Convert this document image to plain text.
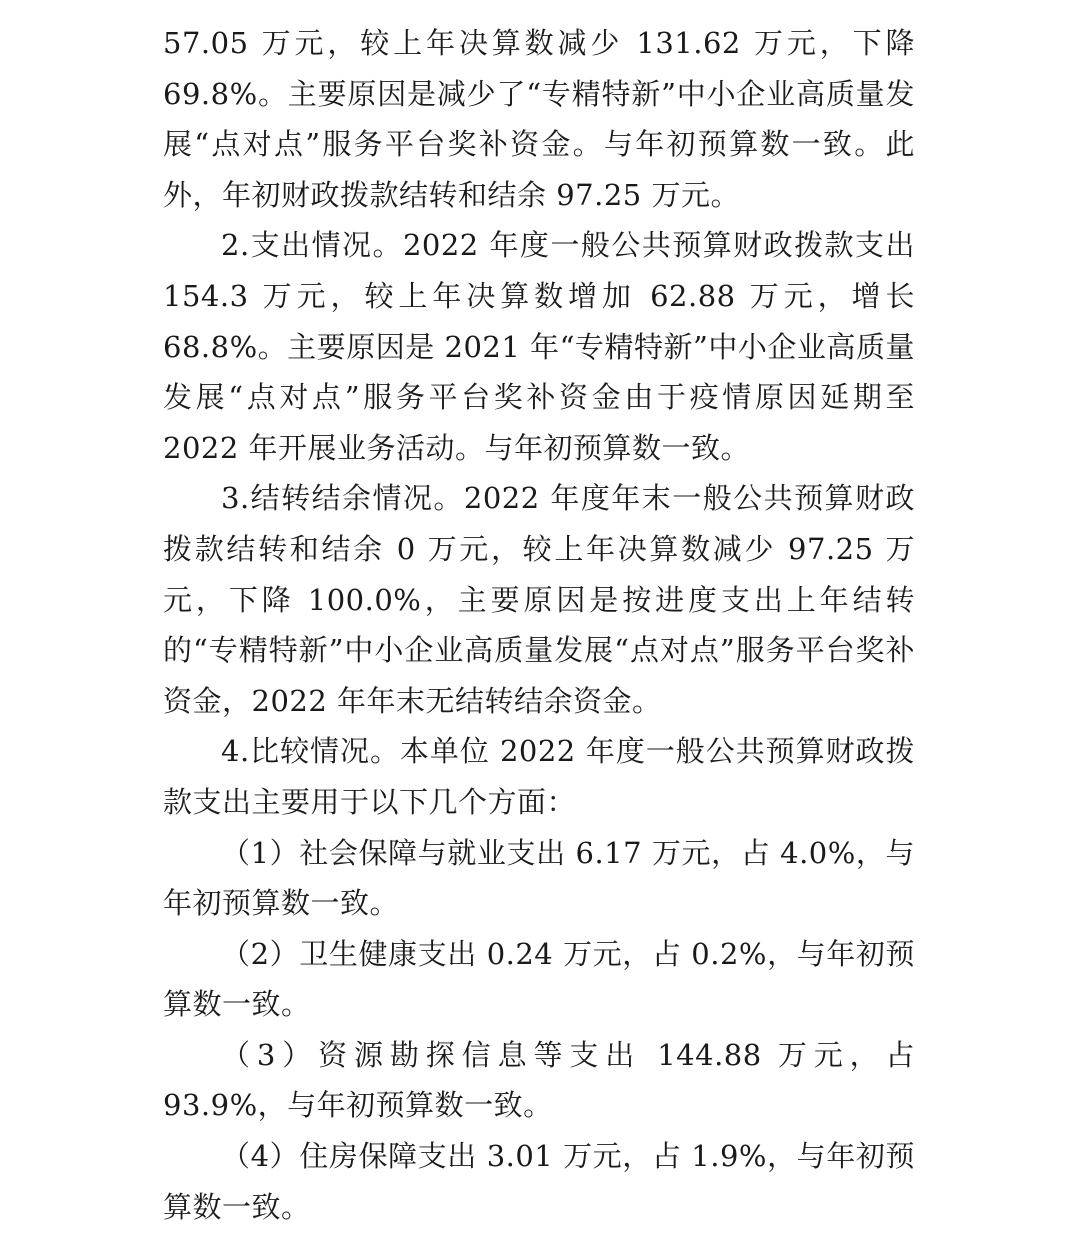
57.05 万元，较上年决算数减少 131.62 万元，下降 69.8%。主要原因是减少了“专精特新”中小企业高质量发展“点对点”服务平台奖补资金。与年初预算数一致。此外，年初财政拨款结转和结余 97.25 万元。

2.支出情况。2022 年度一般公共预算财政拨款支出 154.3 万元，较上年决算数增加 62.88 万元，增长 68.8%。主要原因是 2021 年“专精特新”中小企业高质量发展“点对点”服务平台奖补资金由于疫情原因延期至 2022 年开展业务活动。与年初预算数一致。

3.结转结余情况。2022 年度年末一般公共预算财政拨款结转和结余 0 万元，较上年决算数减少 97.25 万元，下降 100.0%，主要原因是按进度支出上年结转的“专精特新”中小企业高质量发展“点对点”服务平台奖补资金，2022 年年末无结转结余资金。

4.比较情况。本单位 2022 年度一般公共预算财政拨款支出主要用于以下几个方面：

（1）社会保障与就业支出 6.17 万元，占 4.0%，与年初预算数一致。

（2）卫生健康支出 0.24 万元，占 0.2%，与年初预算数一致。

（3）资源勘探信息等支出 144.88 万元，占 93.9%，与年初预算数一致。

（4）住房保障支出 3.01 万元，占 1.9%，与年初预算数一致。
